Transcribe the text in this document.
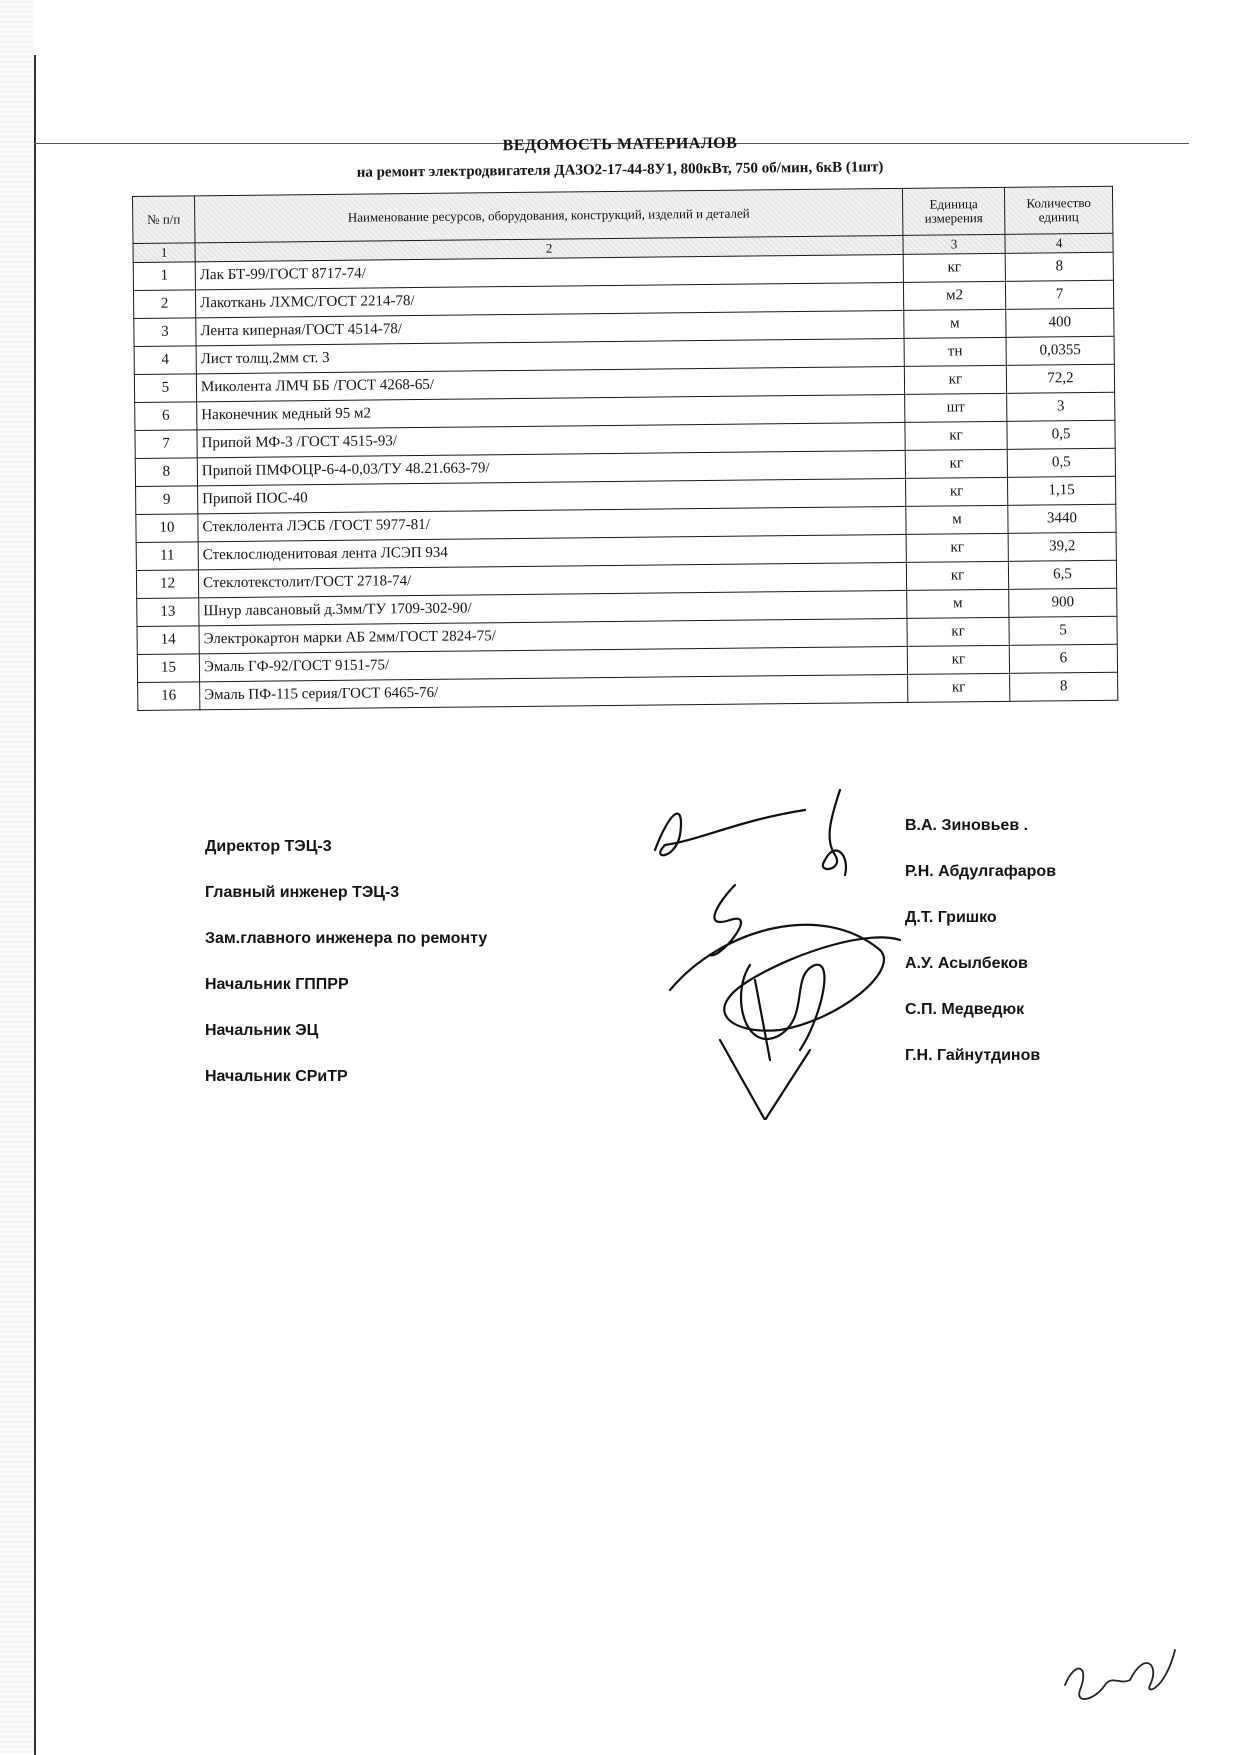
ВЕДОМОСТЬ МАТЕРИАЛОВ
на ремонт электродвигателя ДАЗО2-17-44-8У1, 800кВт, 750 об/мин, 6кВ (1шт)
№ п/п	Наименование ресурсов, оборудования, конструкций, изделий и деталей	Единица измерения	Количество единиц
1	2	3	4
1	Лак БТ-99/ГОСТ 8717-74/	кг	8
2	Лакоткань ЛХМС/ГОСТ 2214-78/	м2	7
3	Лента киперная/ГОСТ 4514-78/	м	400
4	Лист толщ.2мм ст. 3	тн	0,0355
5	Миколента ЛМЧ ББ /ГОСТ 4268-65/	кг	72,2
6	Наконечник медный 95 м2	шт	3
7	Припой МФ-3 /ГОСТ 4515-93/	кг	0,5
8	Припой ПМФОЦР-6-4-0,03/ТУ 48.21.663-79/	кг	0,5
9	Припой ПОС-40	кг	1,15
10	Стеклолента ЛЭСБ /ГОСТ 5977-81/	м	3440
11	Стеклослюденитовая лента ЛСЭП 934	кг	39,2
12	Стеклотекстолит/ГОСТ 2718-74/	кг	6,5
13	Шнур лавсановый д.3мм/ТУ 1709-302-90/	м	900
14	Электрокартон марки АБ 2мм/ГОСТ 2824-75/	кг	5
15	Эмаль ГФ-92/ГОСТ 9151-75/	кг	6
16	Эмаль ПФ-115 серия/ГОСТ 6465-76/	кг	8
Директор ТЭЦ-3
Главный инженер ТЭЦ-3
Зам.главного инженера по ремонту
Начальник ГППРР
Начальник ЭЦ
Начальник СРиТР
В.А. Зиновьев .
Р.Н. Абдулгафаров
Д.Т. Гришко
А.У. Асылбеков
С.П. Медведюк
Г.Н. Гайнутдинов
